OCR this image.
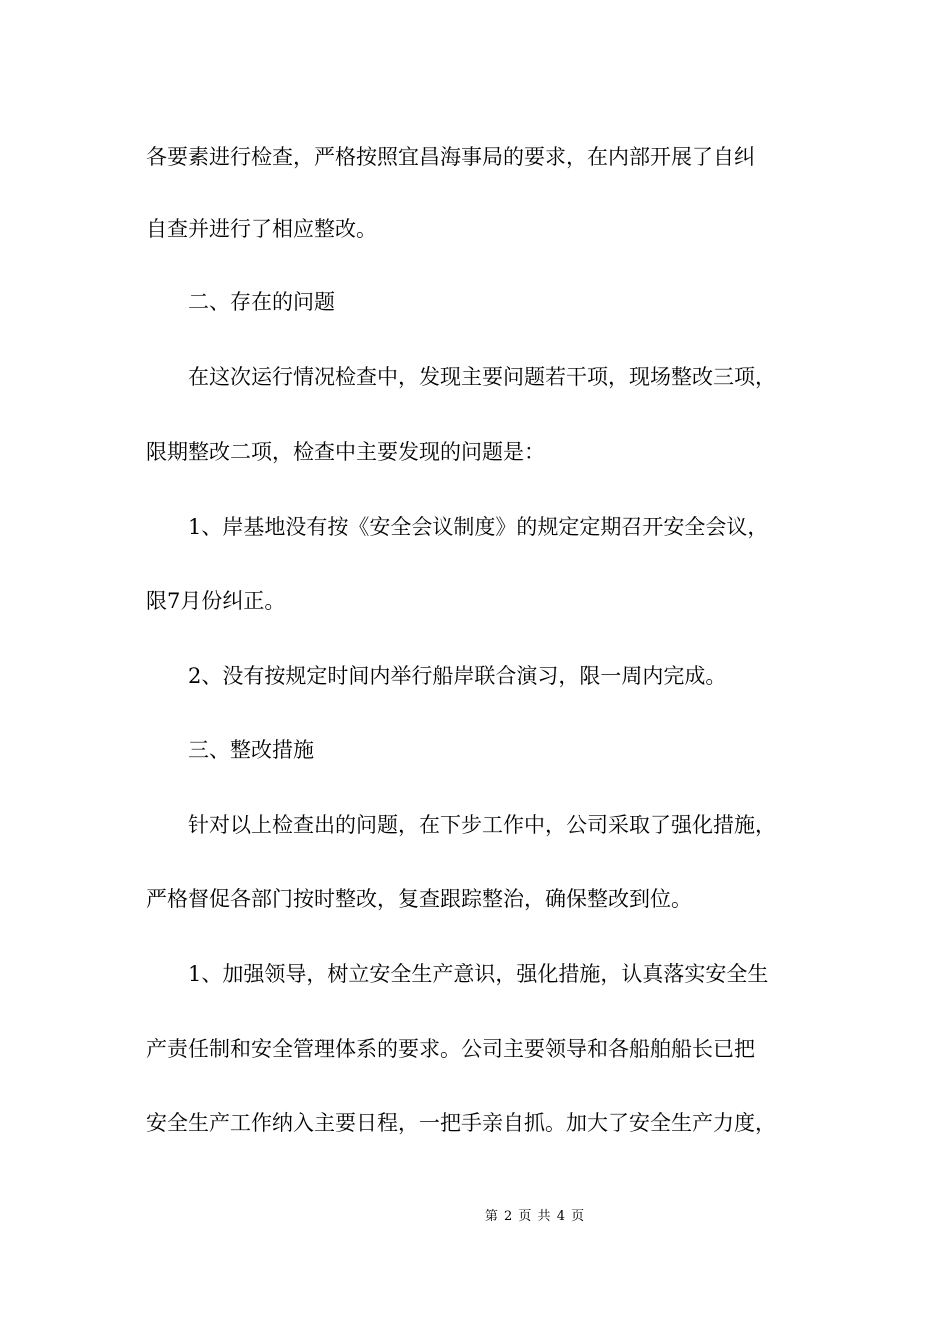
各要素进行检查，严格按照宜昌海事局的要求，在内部开展了自纠
自查并进行了相应整改。
二、存在的问题
在这次运行情况检查中，发现主要问题若干项，现场整改三项，
限期整改二项，检查中主要发现的问题是：
1、岸基地没有按《安全会议制度》的规定定期召开安全会议，
限7月份纠正。
2、没有按规定时间内举行船岸联合演习，限一周内完成。
三、整改措施
针对以上检查出的问题，在下步工作中，公司采取了强化措施，
严格督促各部门按时整改，复查跟踪整治，确保整改到位。
1、加强领导，树立安全生产意识，强化措施，认真落实安全生
产责任制和安全管理体系的要求。公司主要领导和各船舶船长已把
安全生产工作纳入主要日程，一把手亲自抓。加大了安全生产力度，
第 2 页 共 4 页
